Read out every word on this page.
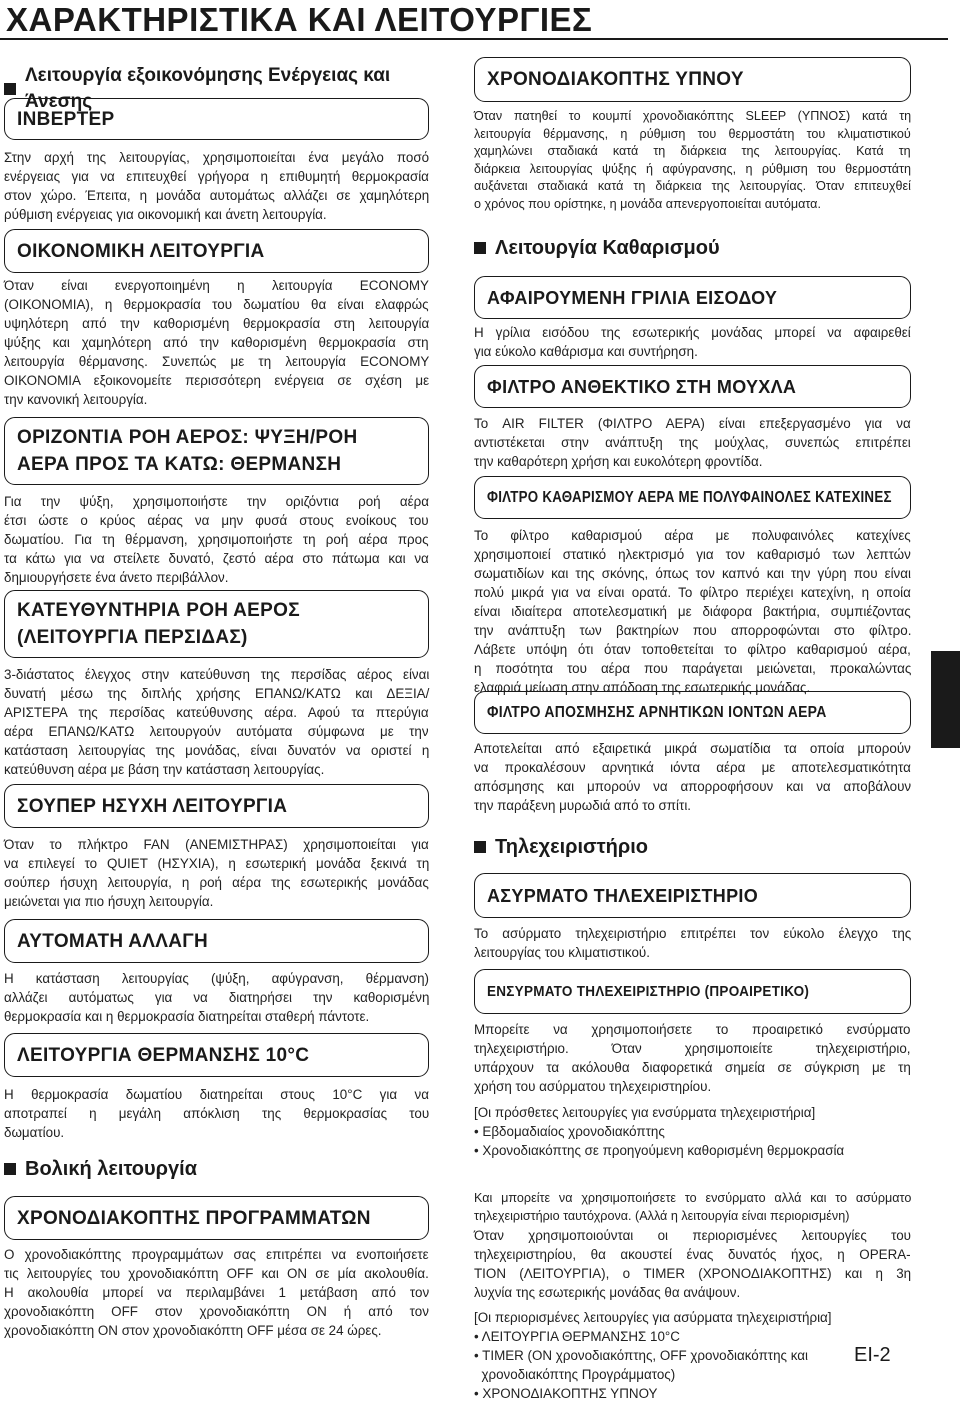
ΧΑΡΑΚΤΗΡΙΣΤΙΚΑ ΚΑΙ ΛΕΙΤΟΥΡΓΙΕΣ
Λειτουργία εξοικονόμησης Ενέργειας και Άνεσης
ΙΝΒΕΡΤΕΡ
Στην αρχή της λειτουργίας, χρησιμοποιείται ένα μεγάλο ποσό
ενέργειας για να επιτευχθεί γρήγορα η επιθυμητή θερμοκρασία
στον χώρο. Έπειτα, η μονάδα αυτομάτως αλλάζει σε χαμηλότερη
ρύθμιση ενέργειας για οικονομική και άνετη λειτουργία.
ΟΙΚΟΝΟΜΙΚΗ ΛΕΙΤΟΥΡΓΙΑ
Όταν είναι ενεργοποιημένη η λειτουργία ECONOMY
(ΟΙΚΟΝΟΜΙΑ), η θερμοκρασία του δωματίου θα είναι ελαφρώς
υψηλότερη από την καθορισμένη θερμοκρασία στη λειτουργία
ψύξης και χαμηλότερη από την καθορισμένη θερμοκρασία στη
λειτουργία θέρμανσης. Συνεπώς με τη λειτουργία ECONOMY
ΟΙΚΟΝΟΜΙΑ εξοικονομείτε περισσότερη ενέργεια σε σχέση με
την κανονική λειτουργία.
ΟΡΙΖΟΝΤΙΑ ΡΟΗ ΑΕΡΟΣ: ΨΥΞΗ/ΡΟΗ
ΑΕΡΑ ΠΡΟΣ ΤΑ ΚΑΤΩ: ΘΕΡΜΑΝΣΗ
Για την ψύξη, χρησιμοποιήστε την οριζόντια ροή αέρα
έτσι ώστε ο κρύος αέρας να μην φυσά στους ενοίκους του
δωματίου. Για τη θέρμανση, χρησιμοποιήστε τη ροή αέρα προς
τα κάτω για να στείλετε δυνατό, ζεστό αέρα στο πάτωμα και να
δημιουργήσετε ένα άνετο περιβάλλον.
ΚΑΤΕΥΘΥΝΤΗΡΙΑ ΡΟΗ ΑΕΡΟΣ
(ΛΕΙΤΟΥΡΓΙΑ ΠΕΡΣΙΔΑΣ)
3-διάστατος έλεγχος στην κατεύθυνση της περσίδας αέρος είναι
δυνατή μέσω της διπλής χρήσης ΕΠΑΝΩ/ΚΑΤΩ και ΔΕΞΙΑ/
ΑΡΙΣΤΕΡΑ της περσίδας κατεύθυνσης αέρα. Αφού τα πτερύγια
αέρα ΕΠΑΝΩ/ΚΑΤΩ λειτουργούν αυτόματα σύμφωνα με την
κατάσταση λειτουργίας της μονάδας, είναι δυνατόν να οριστεί η
κατεύθυνση αέρα με βάση την κατάσταση λειτουργίας.
ΣΟΥΠΕΡ ΗΣΥΧΗ ΛΕΙΤΟΥΡΓΙΑ
Όταν το πλήκτρο FAN (ΑΝΕΜΙΣΤΗΡΑΣ) χρησιμοποιείται για
να επιλεγεί το QUIET (ΗΣΥΧΙΑ), η εσωτερική μονάδα ξεκινά τη
σούπερ ήσυχη λειτουργία, η ροή αέρα της εσωτερικής μονάδας
μειώνεται για πιο ήσυχη λειτουργία.
ΑΥΤΟΜΑΤΗ ΑΛΛΑΓΗ
Η κατάσταση λειτουργίας (ψύξη, αφύγρανση, θέρμανση)
αλλάζει αυτόματως για να διατηρήσει την καθορισμένη
θερμοκρασία και η θερμοκρασία διατηρείται σταθερή πάντοτε.
ΛΕΙΤΟΥΡΓΙΑ ΘΕΡΜΑΝΣΗΣ 10°C
Η θερμοκρασία δωματίου διατηρείται στους 10°C για να
αποτραπεί η μεγάλη απόκλιση της θερμοκρασίας του
δωματίου.
Βολική λειτουργία
ΧΡΟΝΟΔΙΑΚΟΠΤΗΣ ΠΡΟΓΡΑΜΜΑΤΩΝ
Ο χρονοδιακόπτης προγραμμάτων σας επιτρέπει να ενοποιήσετε
τις λειτουργίες του χρονοδιακόπτη OFF και ON σε μία ακολουθία.
Η ακολουθία μπορεί να περιλαμβάνει 1 μετάβαση από τον
χρονοδιακόπτη OFF στον χρονοδιακόπτη ON ή από τον
χρονοδιακόπτη ON στον χρονοδιακόπτη OFF μέσα σε 24 ώρες.
ΧΡΟΝΟΔΙΑΚΟΠΤΗΣ ΥΠΝΟΥ
Όταν πατηθεί το κουμπί χρονοδιακόπτης SLEEP (ΥΠΝΟΣ) κατά τη
λειτουργία θέρμανσης, η ρύθμιση του θερμοστάτη του κλιματιστικού
χαμηλώνει σταδιακά κατά τη διάρκεια της λειτουργίας. Κατά τη
διάρκεια λειτουργίας ψύξης ή αφύγρανσης, η ρύθμιση του θερμοστάτη
αυξάνεται σταδιακά κατά τη διάρκεια της λειτουργίας. Όταν επιτευχθεί
ο χρόνος που ορίστηκε, η μονάδα απενεργοποιείται αυτόματα.
Λειτουργία Καθαρισμού
ΑΦΑΙΡΟΥΜΕΝΗ ΓΡΙΛΙΑ ΕΙΣΟΔΟΥ
Η γρίλια εισόδου της εσωτερικής μονάδας μπορεί να αφαιρεθεί
για εύκολο καθάρισμα και συντήρηση.
ΦΙΛΤΡΟ ΑΝΘΕΚΤΙΚΟ ΣΤΗ ΜΟΥΧΛΑ
Το AIR FILTER (ΦΙΛΤΡΟ ΑΕΡΑ) είναι επεξεργασμένο για να
αντιστέκεται στην ανάπτυξη της μούχλας, συνεπώς επιτρέπει
την καθαρότερη χρήση και ευκολότερη φροντίδα.
ΦΙΛΤΡΟ ΚΑΘΑΡΙΣΜΟΥ ΑΕΡΑ ΜΕ ΠΟΛΥΦΑΙΝΟΛΕΣ ΚΑΤΕΧΙΝΕΣ
Το φίλτρο καθαρισμού αέρα με πολυφαινόλες κατεχίνες
χρησιμοποιεί στατικό ηλεκτρισμό για τον καθαρισμό των λεπτών
σωματιδίων και της σκόνης, όπως τον καπνό και την γύρη που είναι
πολύ μικρά για να είναι ορατά. Το φίλτρο περιέχει κατεχίνη, η οποία
είναι ιδιαίτερα αποτελεσματική με διάφορα βακτήρια, συμπιέζοντας
την ανάπτυξη των βακτηρίων που απορροφώνται στο φίλτρο.
Λάβετε υπόψη ότι όταν τοποθετείται το φίλτρο καθαρισμού αέρα,
η ποσότητα του αέρα που παράγεται μειώνεται, προκαλώντας
ελαφριά μείωση στην απόδοση της εσωτερικής μονάδας.
ΦΙΛΤΡΟ ΑΠΟΣΜΗΣΗΣ ΑΡΝΗΤΙΚΩΝ ΙΟΝΤΩΝ ΑΕΡΑ
Αποτελείται από εξαιρετικά μικρά σωματίδια τα οποία μπορούν
να προκαλέσουν αρνητικά ιόντα αέρα με αποτελεσματικότητα
απόσμησης και μπορούν να απορροφήσουν και να αποβάλουν
την παράξενη μυρωδιά από το σπίτι.
Τηλεχειριστήριο
ΑΣΥΡΜΑΤΟ ΤΗΛΕΧΕΙΡΙΣΤΗΡΙΟ
Το ασύρματο τηλεχειριστήριο επιτρέπει τον εύκολο έλεγχο της
λειτουργίας του κλιματιστικού.
ΕΝΣΥΡΜΑΤΟ ΤΗΛΕΧΕΙΡΙΣΤΗΡΙΟ (ΠΡΟΑΙΡΕΤΙΚΟ)
Μπορείτε να χρησιμοποιήσετε το προαιρετικό ενσύρματο
τηλεχειριστήριο. Όταν χρησιμοποιείτε τηλεχειριστήριο,
υπάρχουν τα ακόλουθα διαφορετικά σημεία σε σύγκριση με τη
χρήση του ασύρματου τηλεχειριστηρίου.
[Οι πρόσθετες λειτουργίες για ενσύρματα τηλεχειριστήρια]
• Εβδομαδιαίος χρονοδιακόπτης
• Χρονοδιακόπτης σε προηγούμενη καθορισμένη θερμοκρασία
Και μπορείτε να χρησιμοποιήσετε το ενσύρματο αλλά και το ασύρματο
τηλεχειριστήριο ταυτόχρονα. (Αλλά η λειτουργία είναι περιορισμένη)
Όταν χρησιμοποιούνται οι περιορισμένες λειτουργίες του
τηλεχειριστηρίου, θα ακουστεί ένας δυνατός ήχος, η OPERA-
TION (ΛΕΙΤΟΥΡΓΙΑ), ο TIMER (ΧΡΟΝΟΔΙΑΚΟΠΤΗΣ) και η 3η
λυχνία της εσωτερικής μονάδας θα ανάψουν.
[Οι περιορισμένες λειτουργίες για ασύρματα τηλεχειριστήρια]
• ΛΕΙΤΟΥΡΓΙΑ ΘΕΡΜΑΝΣΗΣ 10°C
• TIMER (ON χρονοδιακόπτης, OFF χρονοδιακόπτης και
χρονοδιακόπτης Προγράμματος)
• ΧΡΟΝΟΔΙΑΚΟΠΤΗΣ ΥΠΝΟΥ
EI-2
